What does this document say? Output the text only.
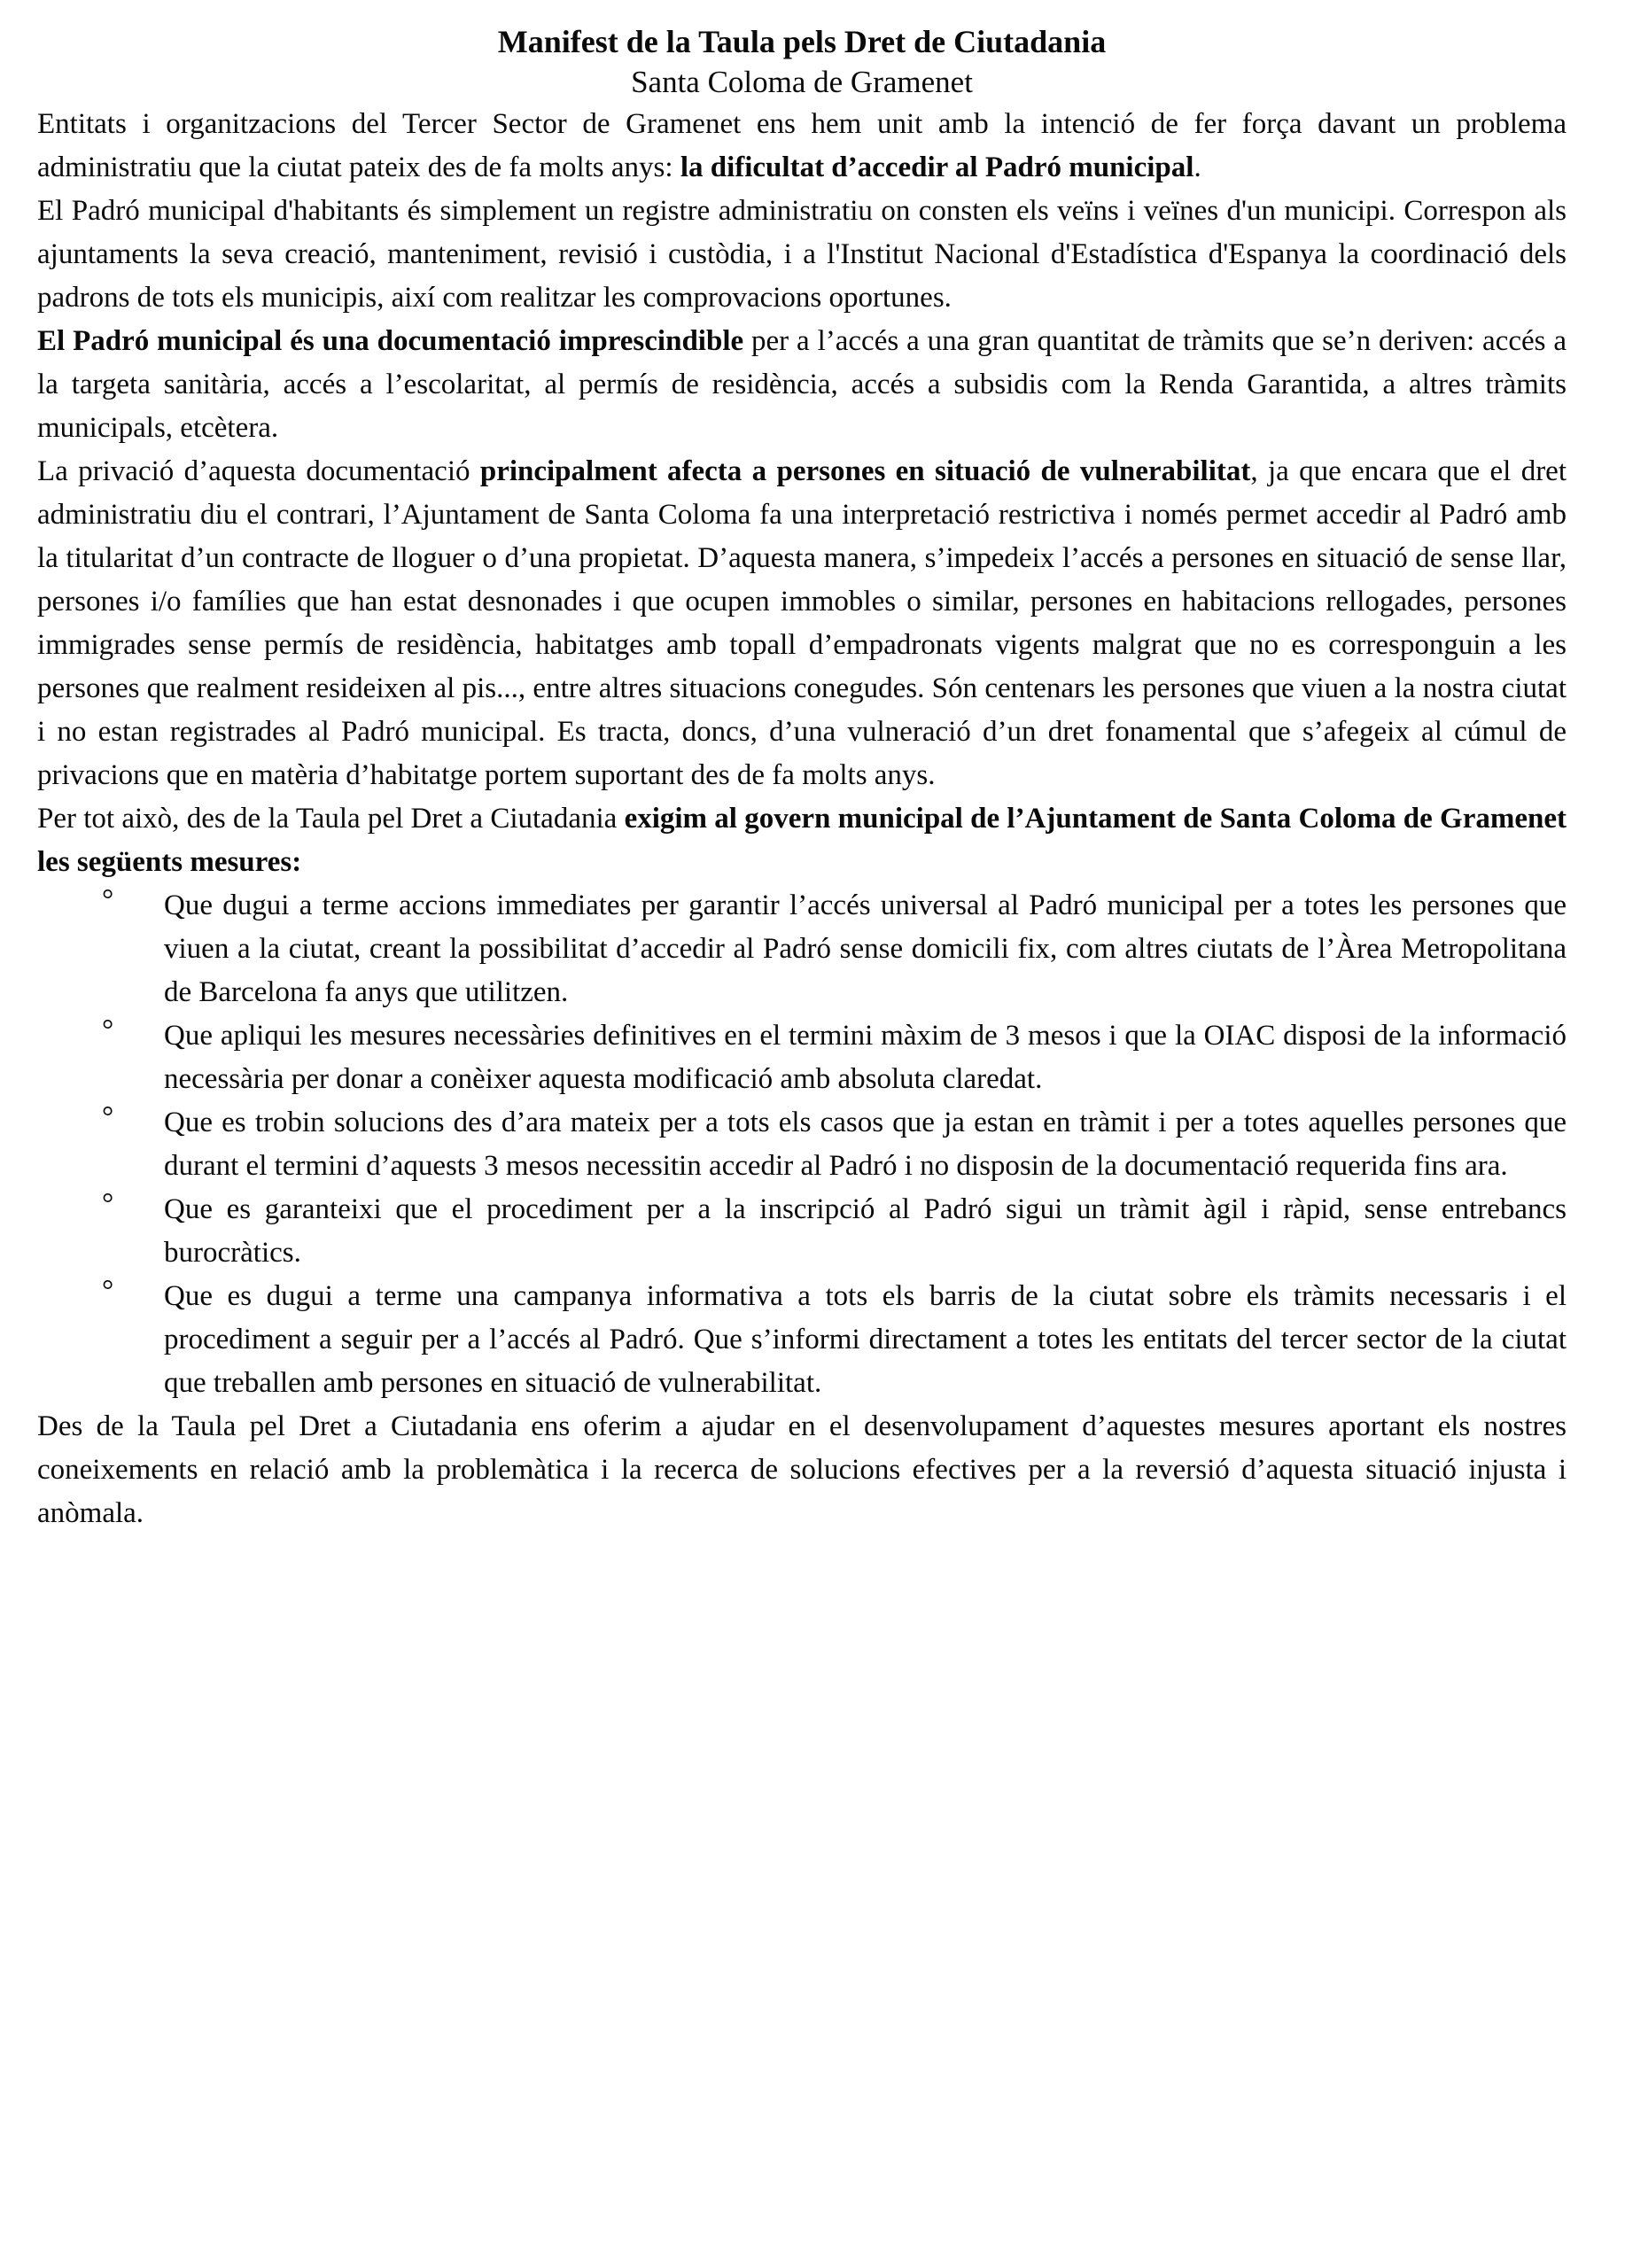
Manifest de la Taula pels Dret de Ciutadania
Santa Coloma de Gramenet

Entitats i organitzacions del Tercer Sector de Gramenet ens hem unit amb la intenció de fer força davant un problema administratiu que la ciutat pateix des de fa molts anys: la dificultat d’accedir al Padró municipal.

El Padró municipal d'habitants és simplement un registre administratiu on consten els veïns i veïnes d'un municipi. Correspon als ajuntaments la seva creació, manteniment, revisió i custòdia, i a l'Institut Nacional d'Estadística d'Espanya la coordinació dels padrons de tots els municipis, així com realitzar les comprovacions oportunes.

El Padró municipal és una documentació imprescindible per a l’accés a una gran quantitat de tràmits que se’n deriven: accés a la targeta sanitària, accés a l’escolaritat, al permís de residència, accés a subsidis com la Renda Garantida, a altres tràmits municipals, etcètera.

La privació d’aquesta documentació principalment afecta a persones en situació de vulnerabilitat, ja que encara que el dret administratiu diu el contrari, l’Ajuntament de Santa Coloma fa una interpretació restrictiva i només permet accedir al Padró amb la titularitat d’un contracte de lloguer o d’una propietat. D’aquesta manera, s’impedeix l’accés a persones en situació de sense llar, persones i/o famílies que han estat desnonades i que ocupen immobles o similar, persones en habitacions rellogades, persones immigrades sense permís de residència, habitatges amb topall d’empadronats vigents malgrat que no es corresponguin a les persones que realment resideixen al pis..., entre altres situacions conegudes. Són centenars les persones que viuen a la nostra ciutat i no estan registrades al Padró municipal. Es tracta, doncs, d’una vulneració d’un dret fonamental que s’afegeix al cúmul de privacions que en matèria d’habitatge portem suportant des de fa molts anys.

Per tot això, des de la Taula pel Dret a Ciutadania exigim al govern municipal de l’Ajuntament de Santa Coloma de Gramenet les següents mesures:

° Que dugui a terme accions immediates per garantir l’accés universal al Padró municipal per a totes les persones que viuen a la ciutat, creant la possibilitat d’accedir al Padró sense domicili fix, com altres ciutats de l’Àrea Metropolitana de Barcelona fa anys que utilitzen.
° Que apliqui les mesures necessàries definitives en el termini màxim de 3 mesos i que la OIAC disposi de la informació necessària per donar a conèixer aquesta modificació amb absoluta claredat.
° Que es trobin solucions des d’ara mateix per a tots els casos que ja estan en tràmit i per a totes aquelles persones que durant el termini d’aquests 3 mesos necessitin accedir al Padró i no disposin de la documentació requerida fins ara.
° Que es garanteixi que el procediment per a la inscripció al Padró sigui un tràmit àgil i ràpid, sense entrebancs burocràtics.
° Que es dugui a terme una campanya informativa a tots els barris de la ciutat sobre els tràmits necessaris i el procediment a seguir per a l’accés al Padró. Que s’informi directament a totes les entitats del tercer sector de la ciutat que treballen amb persones en situació de vulnerabilitat.

Des de la Taula pel Dret a Ciutadania ens oferim a ajudar en el desenvolupament d’aquestes mesures aportant els nostres coneixements en relació amb la problemàtica i la recerca de solucions efectives per a la reversió d’aquesta situació injusta i anòmala.
